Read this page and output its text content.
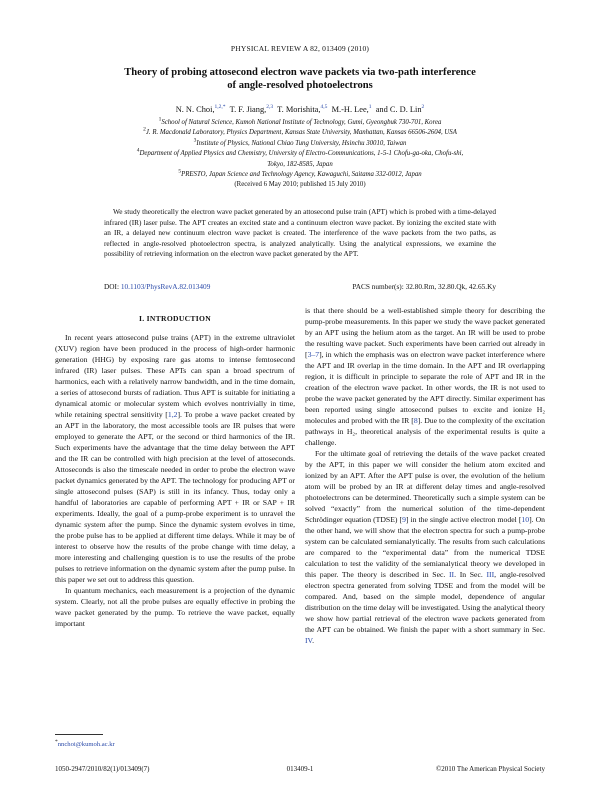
PHYSICAL REVIEW A 82, 013409 (2010)
Theory of probing attosecond electron wave packets via two-path interference
of angle-resolved photoelectrons
N. N. Choi,$^{1,2,*}$ T. F. Jiang,$^{2,3}$ T. Morishita,$^{4,5}$ M.-H. Lee,$^1$ and C. D. Lin$^2$
$^1$School of Natural Science, Kumoh National Institute of Technology, Gumi, Gyeongbuk 730-701, Korea
$^2$J. R. Macdonald Laboratory, Physics Department, Kansas State University, Manhattan, Kansas 66506-2604, USA
$^3$Institute of Physics, National Chiao Tung University, Hsinchu 30010, Taiwan
$^4$Department of Applied Physics and Chemistry, University of Electro-Communications, 1-5-1 Chofu-ga-oka, Chofu-shi,
Tokyo, 182-8585, Japan
$^5$PRESTO, Japan Science and Technology Agency, Kawaguchi, Saitama 332-0012, Japan
(Received 6 May 2010; published 15 July 2010)
We study theoretically the electron wave packet generated by an attosecond pulse train (APT) which is probed with a time-delayed infrared (IR) laser pulse. The APT creates an excited state and a continuum electron wave packet. By ionizing the excited state with an IR, a delayed new continuum electron wave packet is created. The interference of the wave packets from the two paths, as reflected in angle-resolved photoelectron spectra, is analyzed analytically. Using the analytical expressions, we examine the possibility of retrieving information on the electron wave packet generated by the APT.
DOI: 10.1103/PhysRevA.82.013409	PACS number(s): 32.80.Rm, 32.80.Qk, 42.65.Ky
I. INTRODUCTION

In recent years attosecond pulse trains (APT) in the extreme ultraviolet (XUV) region have been produced in the process of high-order harmonic generation (HHG) by exposing rare gas atoms to intense femtosecond infrared (IR) laser pulses. These APTs can span a broad spectrum of harmonics, each with a relatively narrow bandwidth, and in the time domain, a series of attosecond bursts of radiation. Thus APT is suitable for initiating a dynamical atomic or molecular system which evolves nontrivially in time, while retaining spectral sensitivity [1,2]. To probe a wave packet created by an APT in the laboratory, the most accessible tools are IR pulses that were employed to generate the APT, or the second or third harmonics of the IR. Such experiments have the advantage that the time delay between the APT and the IR can be controlled with high precision at the level of attoseconds. Attoseconds is also the timescale needed in order to probe the electron wave packet dynamics generated by the APT. The technology for producing APT or single attosecond pulses (SAP) is still in its infancy. Thus, today only a handful of laboratories are capable of performing APT + IR or SAP + IR experiments. Ideally, the goal of a pump-probe experiment is to unravel the dynamic system after the pump. Since the dynamic system evolves in time, the probe pulse has to be applied at different time delays. While it may be of interest to observe how the results of the probe change with time delay, a more interesting and challenging question is to use the results of the probe pulses to retrieve information on the dynamic system after the pump pulse. In this paper we set out to address this question.

In quantum mechanics, each measurement is a projection of the dynamic system. Clearly, not all the probe pulses are equally effective in probing the wave packet generated by the pump. To retrieve the wave packet, equally important

is that there should be a well-established simple theory for describing the pump-probe measurements. In this paper we study the wave packet generated by an APT using the helium atom as the target. An IR will be used to probe the resulting wave packet. Such experiments have been carried out already in [3–7], in which the emphasis was on electron wave packet interference where the APT and IR overlap in the time domain. In the APT and IR overlapping region, it is difficult in principle to separate the role of APT and IR in the creation of the electron wave packet. In other words, the IR is not used to probe the wave packet generated by the APT directly. Similar experiment has been reported using single attosecond pulses to excite and ionize H₂ molecules and probed with the IR [8]. Due to the complexity of the excitation pathways in H₂, theoretical analysis of the experimental results is quite a challenge.

For the ultimate goal of retrieving the details of the wave packet created by the APT, in this paper we will consider the helium atom excited and ionized by an APT. After the APT pulse is over, the evolution of the helium atom will be probed by an IR at different delay times and angle-resolved photoelectrons can be determined. Theoretically such a simple system can be solved “exactly” from the numerical solution of the time-dependent Schrödinger equation (TDSE) [9] in the single active electron model [10]. On the other hand, we will show that the electron spectra for such a pump-probe system can be calculated semianalytically. The results from such calculations are compared to the “experimental data” from the numerical TDSE calculation to test the validity of the semianalytical theory we developed in this paper. The theory is described in Sec. II. In Sec. III, angle-resolved electron spectra generated from solving TDSE and from the model will be compared. And, based on the simple model, dependence of angular distribution on the time delay will be investigated. Using the analytical theory we show how partial retrieval of the electron wave packets generated from the APT can be obtained. We finish the paper with a short summary in Sec. IV.

*nnchoi@kumoh.ac.kr
1050-2947/2010/82(1)/013409(7)	013409-1	©2010 The American Physical Society
